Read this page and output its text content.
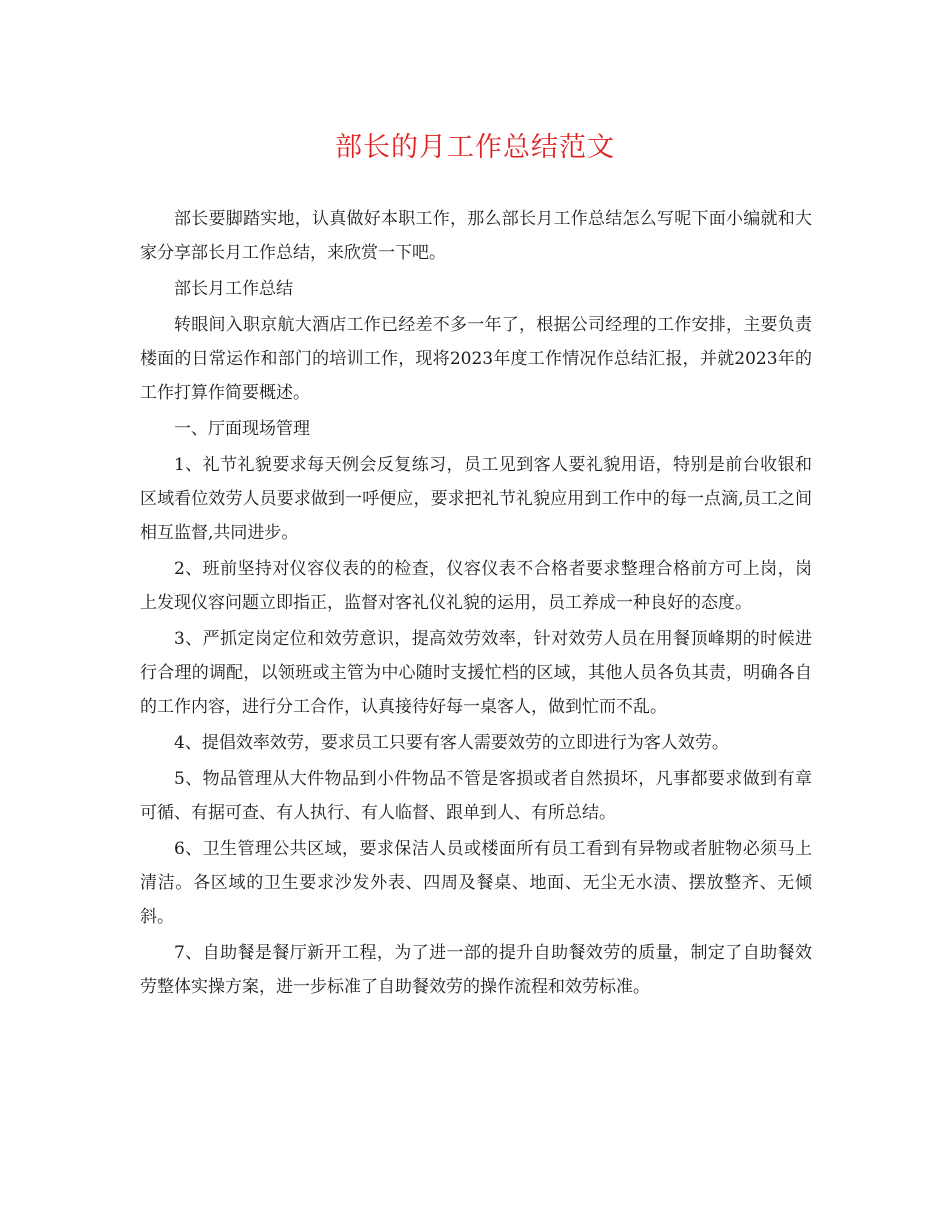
部长的月工作总结范文

部长要脚踏实地，认真做好本职工作，那么部长月工作总结怎么写呢下面小编就和大家分享部长月工作总结，来欣赏一下吧。

部长月工作总结

转眼间入职京航大酒店工作已经差不多一年了，根据公司经理的工作安排，主要负责楼面的日常运作和部门的培训工作，现将2023年度工作情况作总结汇报，并就2023年的工作打算作简要概述。

一、厅面现场管理

1、礼节礼貌要求每天例会反复练习，员工见到客人要礼貌用语，特别是前台收银和区域看位效劳人员要求做到一呼便应，要求把礼节礼貌应用到工作中的每一点滴,员工之间相互监督,共同进步。

2、班前坚持对仪容仪表的的检查，仪容仪表不合格者要求整理合格前方可上岗，岗上发现仪容问题立即指正，监督对客礼仪礼貌的运用，员工养成一种良好的态度。

3、严抓定岗定位和效劳意识，提高效劳效率，针对效劳人员在用餐顶峰期的时候进行合理的调配，以领班或主管为中心随时支援忙档的区域，其他人员各负其责，明确各自的工作内容，进行分工合作，认真接待好每一桌客人，做到忙而不乱。

4、提倡效率效劳，要求员工只要有客人需要效劳的立即进行为客人效劳。

5、物品管理从大件物品到小件物品不管是客损或者自然损坏，凡事都要求做到有章可循、有据可查、有人执行、有人临督、跟单到人、有所总结。

6、卫生管理公共区域，要求保洁人员或楼面所有员工看到有异物或者脏物必须马上清洁。各区域的卫生要求沙发外表、四周及餐桌、地面、无尘无水渍、摆放整齐、无倾斜。

7、自助餐是餐厅新开工程，为了进一部的提升自助餐效劳的质量，制定了自助餐效劳整体实操方案，进一步标准了自助餐效劳的操作流程和效劳标准。
